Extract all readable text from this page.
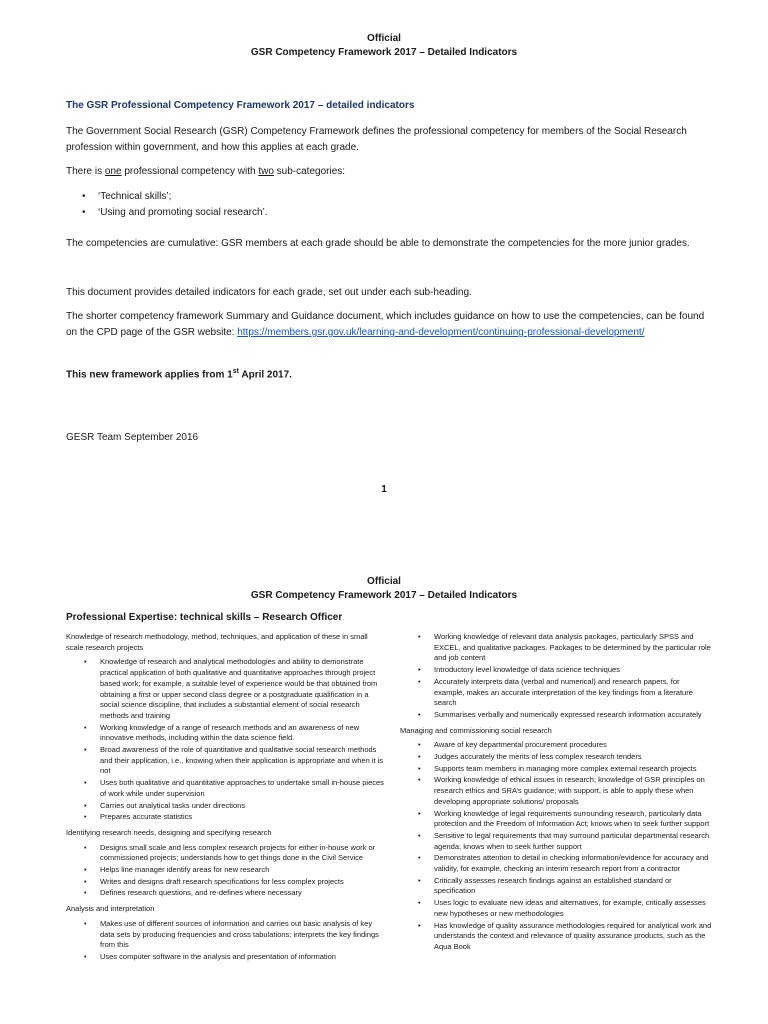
Official
GSR Competency Framework 2017 – Detailed Indicators
The GSR Professional Competency Framework 2017 – detailed indicators
The Government Social Research (GSR) Competency Framework defines the professional competency for members of the Social Research profession within government, and how this applies at each grade.
There is one professional competency with two sub-categories:
• ‘Technical skills’;
• ‘Using and promoting social research’.
The competencies are cumulative: GSR members at each grade should be able to demonstrate the competencies for the more junior grades.
This document provides detailed indicators for each grade, set out under each sub-heading.
The shorter competency framework Summary and Guidance document, which includes guidance on how to use the competencies, can be found on the CPD page of the GSR website: https://members.gsr.gov.uk/learning-and-development/continuing-professional-development/
This new framework applies from 1st April 2017.
GESR Team September 2016
1
Official
GSR Competency Framework 2017 – Detailed Indicators
Professional Expertise: technical skills – Research Officer
Knowledge of research methodology, method, techniques, and application of these in small scale research projects
• Knowledge of research and analytical methodologies and ability to demonstrate practical application of both qualitative and quantitative approaches through project based work; for example, a suitable level of experience would be that obtained from obtaining a first or upper second class degree or a postgraduate qualification in a social science discipline, that includes a substantial element of social research methods and training
• Working knowledge of a range of research methods and an awareness of new innovative methods, including within the data science field.
• Broad awareness of the role of quantitative and qualitative social research methods and their application, i.e., knowing when their application is appropriate and when it is not
• Uses both qualitative and quantitative approaches to undertake small in-house pieces of work while under supervision
• Carries out analytical tasks under directions
• Prepares accurate statistics
Identifying research needs, designing and specifying research
• Designs small scale and less complex research projects for either in-house work or commissioned projects; understands how to get things done in the Civil Service
• Helps line manager identify areas for new research
• Writes and designs draft research specifications for less complex projects
• Defines research questions, and re-defines where necessary
Analysis and interpretation
• Makes use of different sources of information and carries out basic analysis of key data sets by producing frequencies and cross tabulations; interprets the key findings from this
• Uses computer software in the analysis and presentation of information
• Working knowledge of relevant data analysis packages, particularly SPSS and EXCEL, and qualitative packages. Packages to be determined by the particular role and job content
• Introductory level knowledge of data science techniques
• Accurately interprets data (verbal and numerical) and research papers, for example, makes an accurate interpretation of the key findings from a literature search
• Summarises verbally and numerically expressed research information accurately
Managing and commissioning social research
• Aware of key departmental procurement procedures
• Judges accurately the merits of less complex research tenders
• Supports team members in managing more complex external research projects
• Working knowledge of ethical issues in research; knowledge of GSR principles on research ethics and SRA’s guidance; with support, is able to apply these when developing appropriate solutions/ proposals
• Working knowledge of legal requirements surrounding research, particularly data protection and the Freedom of Information Act; knows when to seek further support
• Sensitive to legal requirements that may surround particular departmental research agenda; knows when to seek further support
• Demonstrates attention to detail in checking information/evidence for accuracy and validity, for example, checking an interim research report from a contractor
• Critically assesses research findings against an established standard or specification
• Uses logic to evaluate new ideas and alternatives, for example, critically assesses new hypotheses or new methodologies
• Has knowledge of quality assurance methodologies required for analytical work and understands the context and relevance of quality assurance products, such as the Aqua Book
